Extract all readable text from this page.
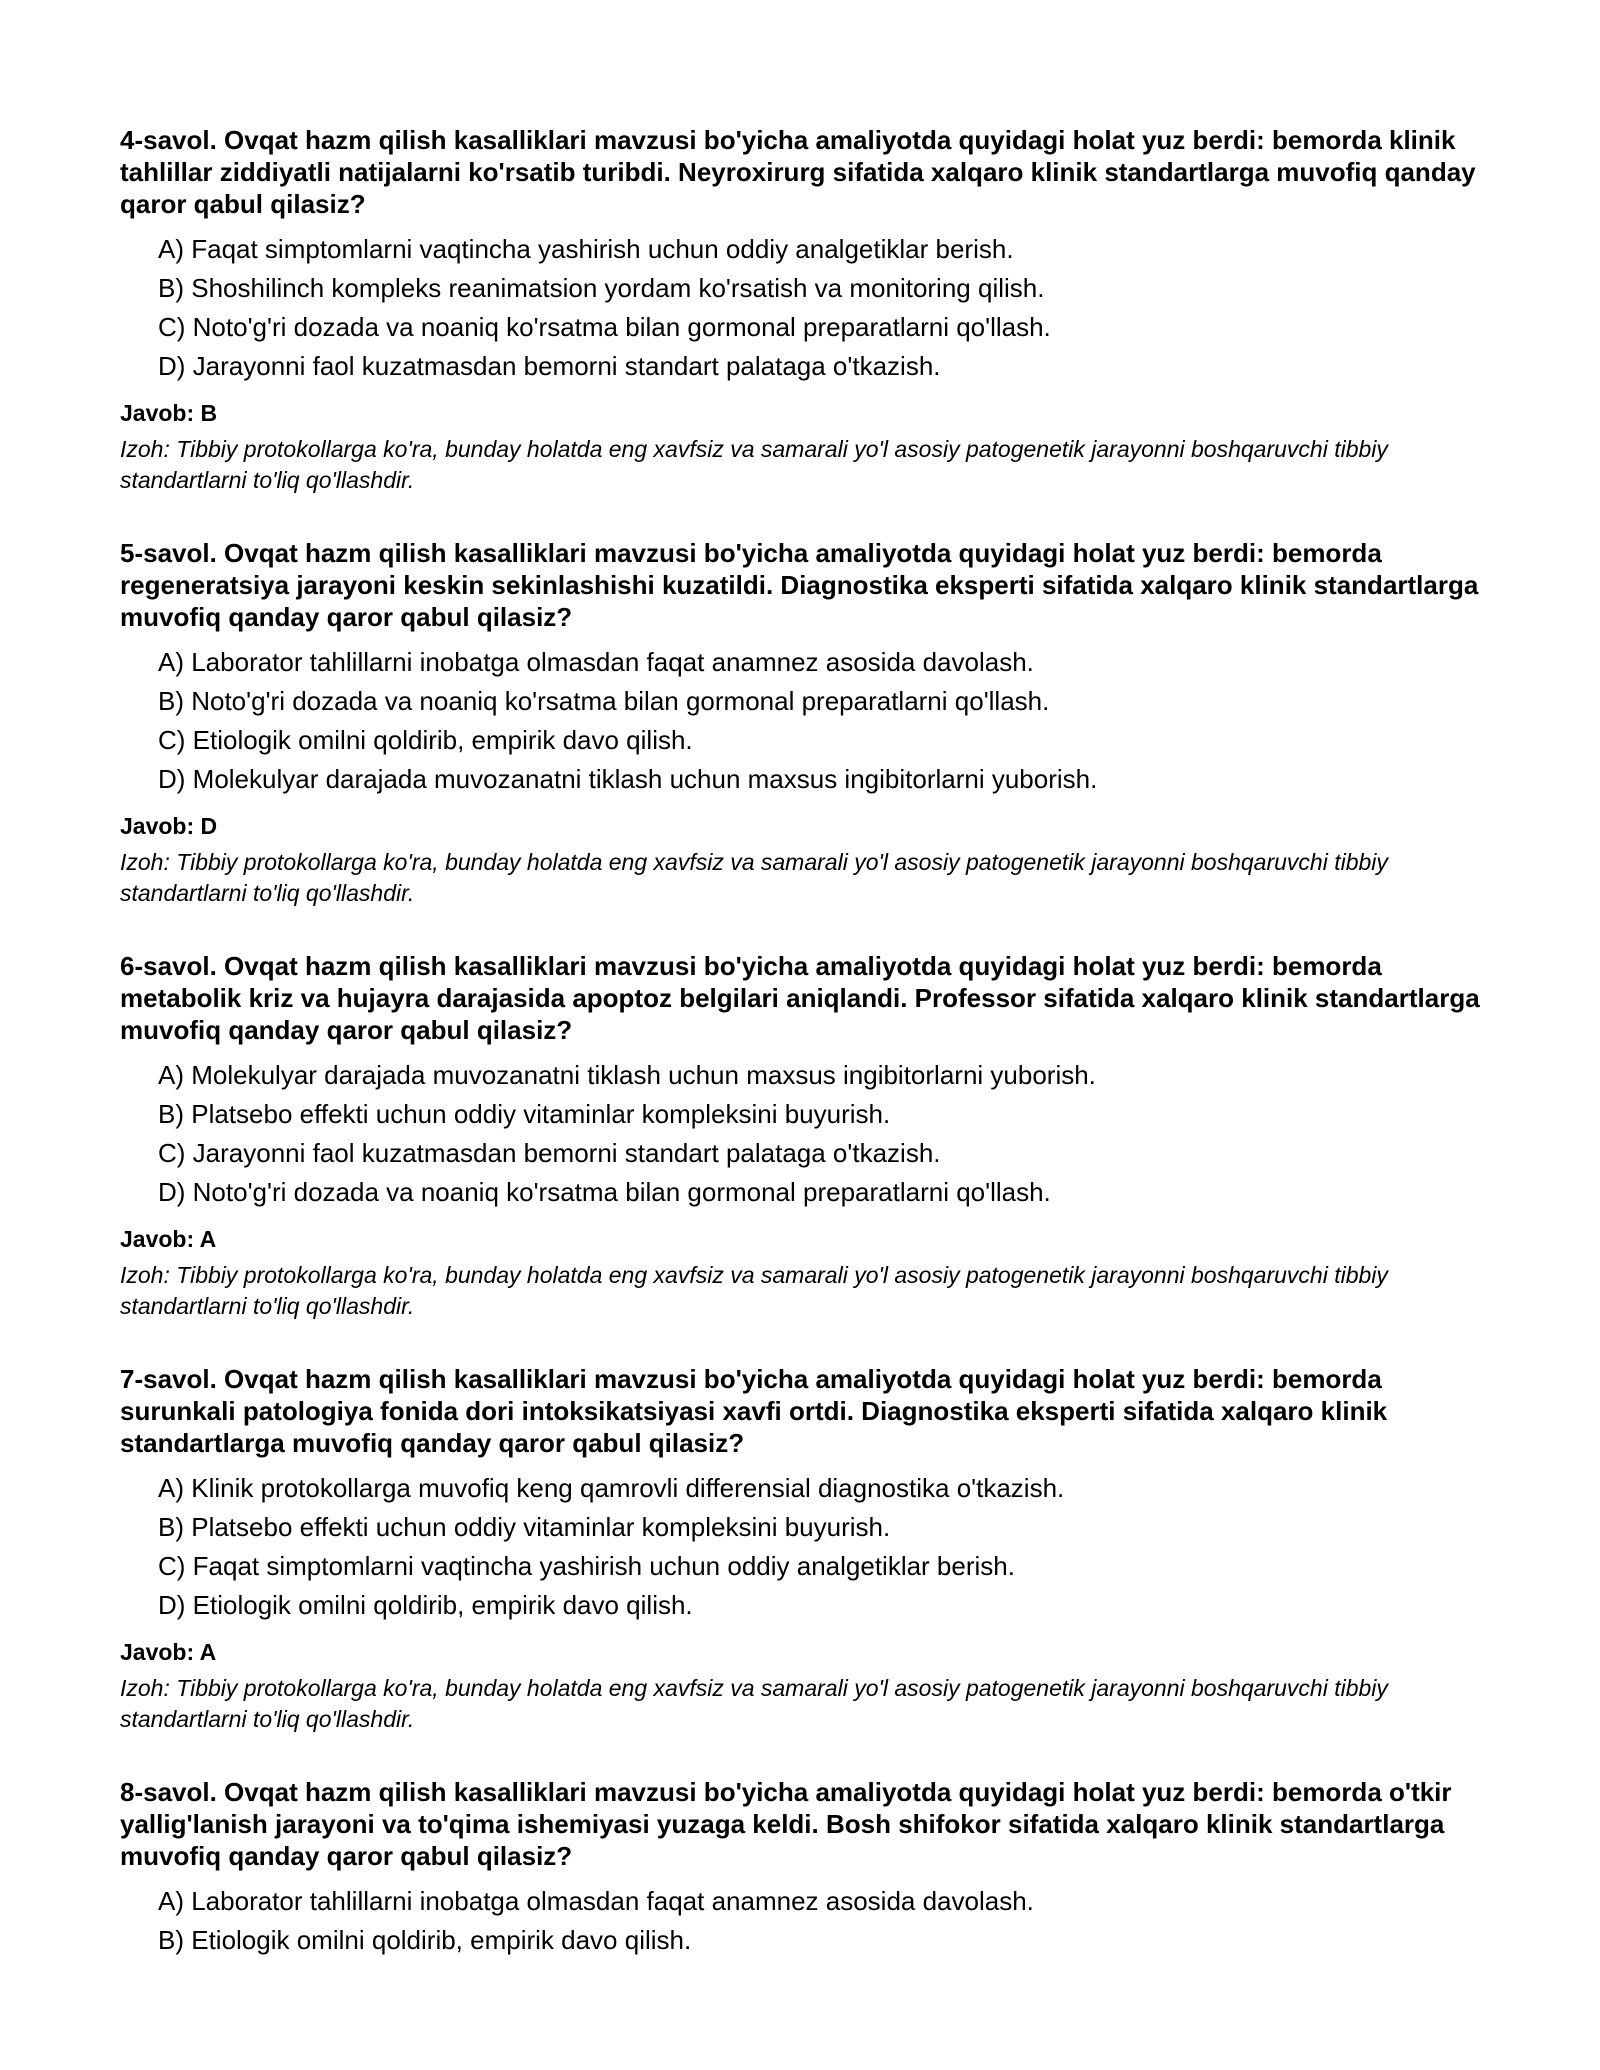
4-savol. Ovqat hazm qilish kasalliklari mavzusi bo'yicha amaliyotda quyidagi holat yuz berdi: bemorda klinik tahlillar ziddiyatli natijalarni ko'rsatib turibdi. Neyroxirurg sifatida xalqaro klinik standartlarga muvofiq qanday qaror qabul qilasiz?

A) Faqat simptomlarni vaqtincha yashirish uchun oddiy analgetiklar berish.
B) Shoshilinch kompleks reanimatsion yordam ko'rsatish va monitoring qilish.
C) Noto'g'ri dozada va noaniq ko'rsatma bilan gormonal preparatlarni qo'llash.
D) Jarayonni faol kuzatmasdan bemorni standart palataga o'tkazish.

Javob: B

Izoh: Tibbiy protokollarga ko'ra, bunday holatda eng xavfsiz va samarali yo'l asosiy patogenetik jarayonni boshqaruvchi tibbiy standartlarni to'liq qo'llashdir.

5-savol. Ovqat hazm qilish kasalliklari mavzusi bo'yicha amaliyotda quyidagi holat yuz berdi: bemorda regeneratsiya jarayoni keskin sekinlashishi kuzatildi. Diagnostika eksperti sifatida xalqaro klinik standartlarga muvofiq qanday qaror qabul qilasiz?

A) Laborator tahlillarni inobatga olmasdan faqat anamnez asosida davolash.
B) Noto'g'ri dozada va noaniq ko'rsatma bilan gormonal preparatlarni qo'llash.
C) Etiologik omilni qoldirib, empirik davo qilish.
D) Molekulyar darajada muvozanatni tiklash uchun maxsus ingibitorlarni yuborish.

Javob: D

Izoh: Tibbiy protokollarga ko'ra, bunday holatda eng xavfsiz va samarali yo'l asosiy patogenetik jarayonni boshqaruvchi tibbiy standartlarni to'liq qo'llashdir.

6-savol. Ovqat hazm qilish kasalliklari mavzusi bo'yicha amaliyotda quyidagi holat yuz berdi: bemorda metabolik kriz va hujayra darajasida apoptoz belgilari aniqlandi. Professor sifatida xalqaro klinik standartlarga muvofiq qanday qaror qabul qilasiz?

A) Molekulyar darajada muvozanatni tiklash uchun maxsus ingibitorlarni yuborish.
B) Platsebo effekti uchun oddiy vitaminlar kompleksini buyurish.
C) Jarayonni faol kuzatmasdan bemorni standart palataga o'tkazish.
D) Noto'g'ri dozada va noaniq ko'rsatma bilan gormonal preparatlarni qo'llash.

Javob: A

Izoh: Tibbiy protokollarga ko'ra, bunday holatda eng xavfsiz va samarali yo'l asosiy patogenetik jarayonni boshqaruvchi tibbiy standartlarni to'liq qo'llashdir.

7-savol. Ovqat hazm qilish kasalliklari mavzusi bo'yicha amaliyotda quyidagi holat yuz berdi: bemorda surunkali patologiya fonida dori intoksikatsiyasi xavfi ortdi. Diagnostika eksperti sifatida xalqaro klinik standartlarga muvofiq qanday qaror qabul qilasiz?

A) Klinik protokollarga muvofiq keng qamrovli differensial diagnostika o'tkazish.
B) Platsebo effekti uchun oddiy vitaminlar kompleksini buyurish.
C) Faqat simptomlarni vaqtincha yashirish uchun oddiy analgetiklar berish.
D) Etiologik omilni qoldirib, empirik davo qilish.

Javob: A

Izoh: Tibbiy protokollarga ko'ra, bunday holatda eng xavfsiz va samarali yo'l asosiy patogenetik jarayonni boshqaruvchi tibbiy standartlarni to'liq qo'llashdir.

8-savol. Ovqat hazm qilish kasalliklari mavzusi bo'yicha amaliyotda quyidagi holat yuz berdi: bemorda o'tkir yallig'lanish jarayoni va to'qima ishemiyasi yuzaga keldi. Bosh shifokor sifatida xalqaro klinik standartlarga muvofiq qanday qaror qabul qilasiz?

A) Laborator tahlillarni inobatga olmasdan faqat anamnez asosida davolash.
B) Etiologik omilni qoldirib, empirik davo qilish.
